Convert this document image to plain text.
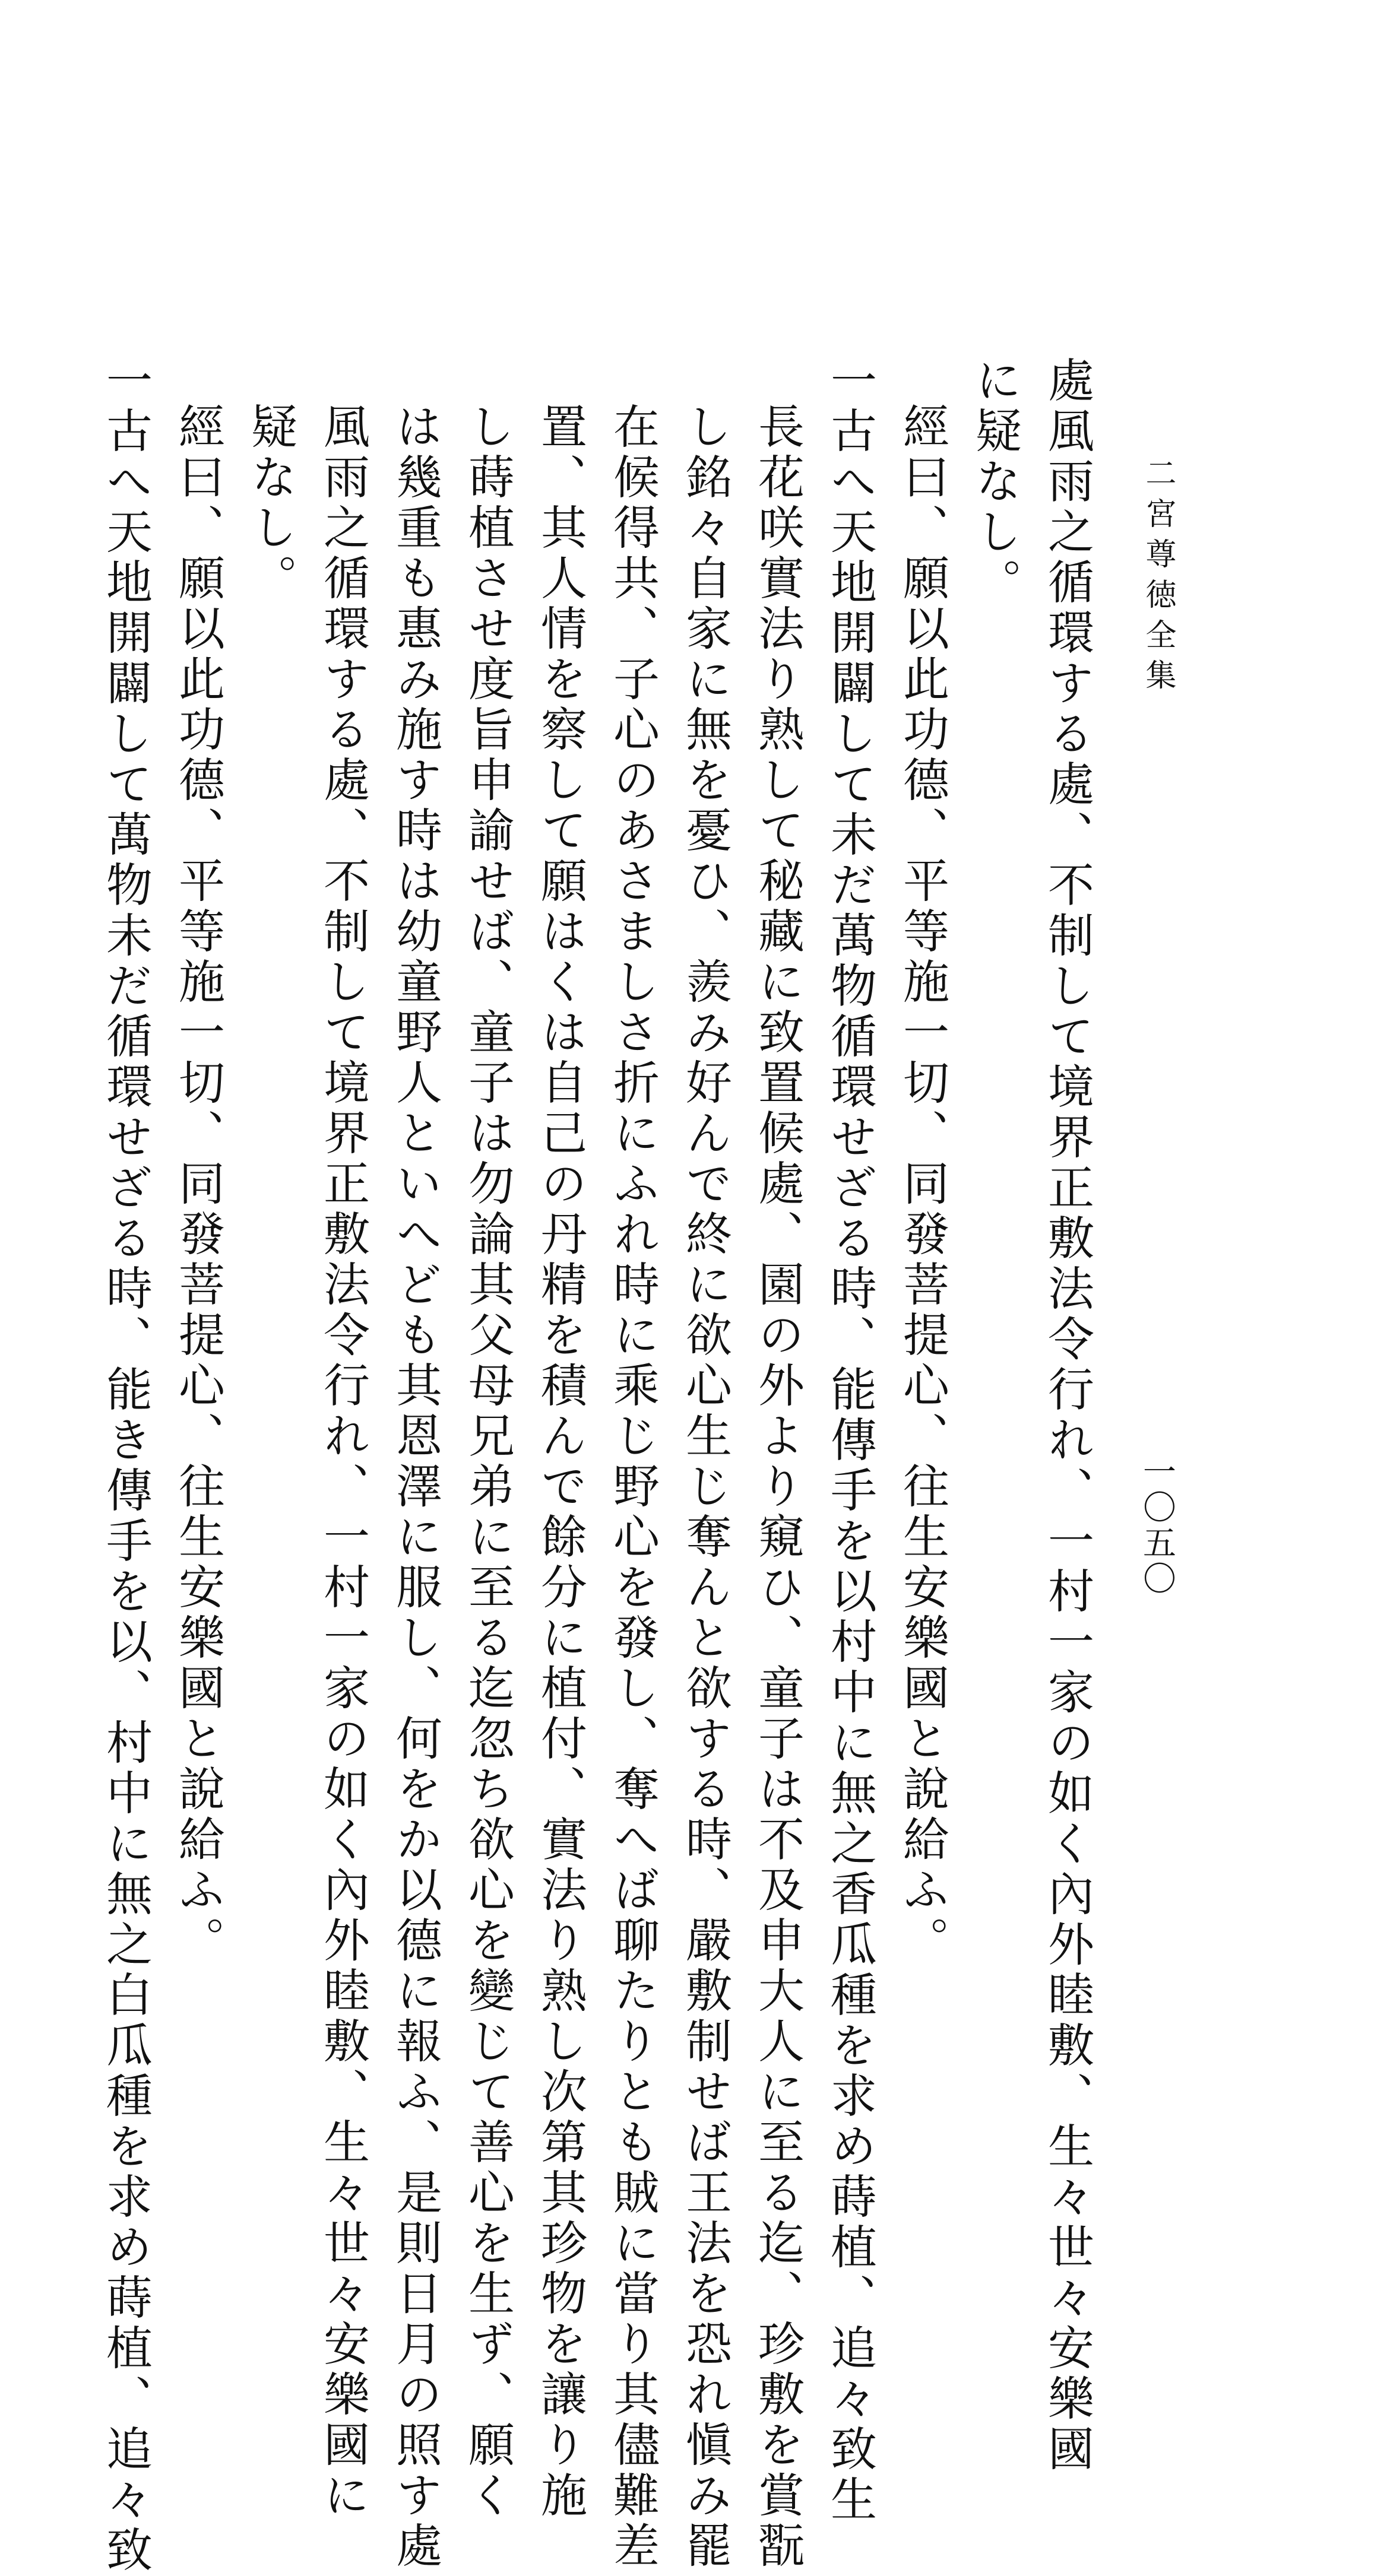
二宮尊徳全集
一〇五〇

處風雨之循環する處、不制して境界正敷法令行れ、一村一家の如く內外睦敷、生々世々安樂國

に疑なし。

經曰、願以此功德、平等施一切、同發菩提心、往生安樂國と說給ふ。

一古へ天地開闢して未だ萬物循環せざる時、能傳手を以村中に無之香瓜種を求め蒔植、追々致生

長花咲實法り熟して秘藏に致置候處、園の外より窺ひ、童子は不及申大人に至る迄、珍敷を賞翫

し銘々自家に無を憂ひ、羨み好んで終に欲心生じ奪んと欲する時、嚴敷制せば王法を恐れ愼み罷

在候得共、子心のあさましさ折にふれ時に乘じ野心を發し、奪へば聊たりとも賊に當り其儘難差

置、其人情を察して願はくは自己の丹精を積んで餘分に植付、實法り熟し次第其珍物を讓り施

し蒔植させ度旨申諭せば、童子は勿論其父母兄弟に至る迄忽ち欲心を變じて善心を生ず、願く

は幾重も惠み施す時は幼童野人といへども其恩澤に服し、何をか以德に報ふ、是則日月の照す處

風雨之循環する處、不制して境界正敷法令行れ、一村一家の如く內外睦敷、生々世々安樂國に

疑なし。

經曰、願以此功德、平等施一切、同發菩提心、往生安樂國と說給ふ。

一古へ天地開闢して萬物未だ循環せざる時、能き傳手を以、村中に無之白瓜種を求め蒔植、追々致
